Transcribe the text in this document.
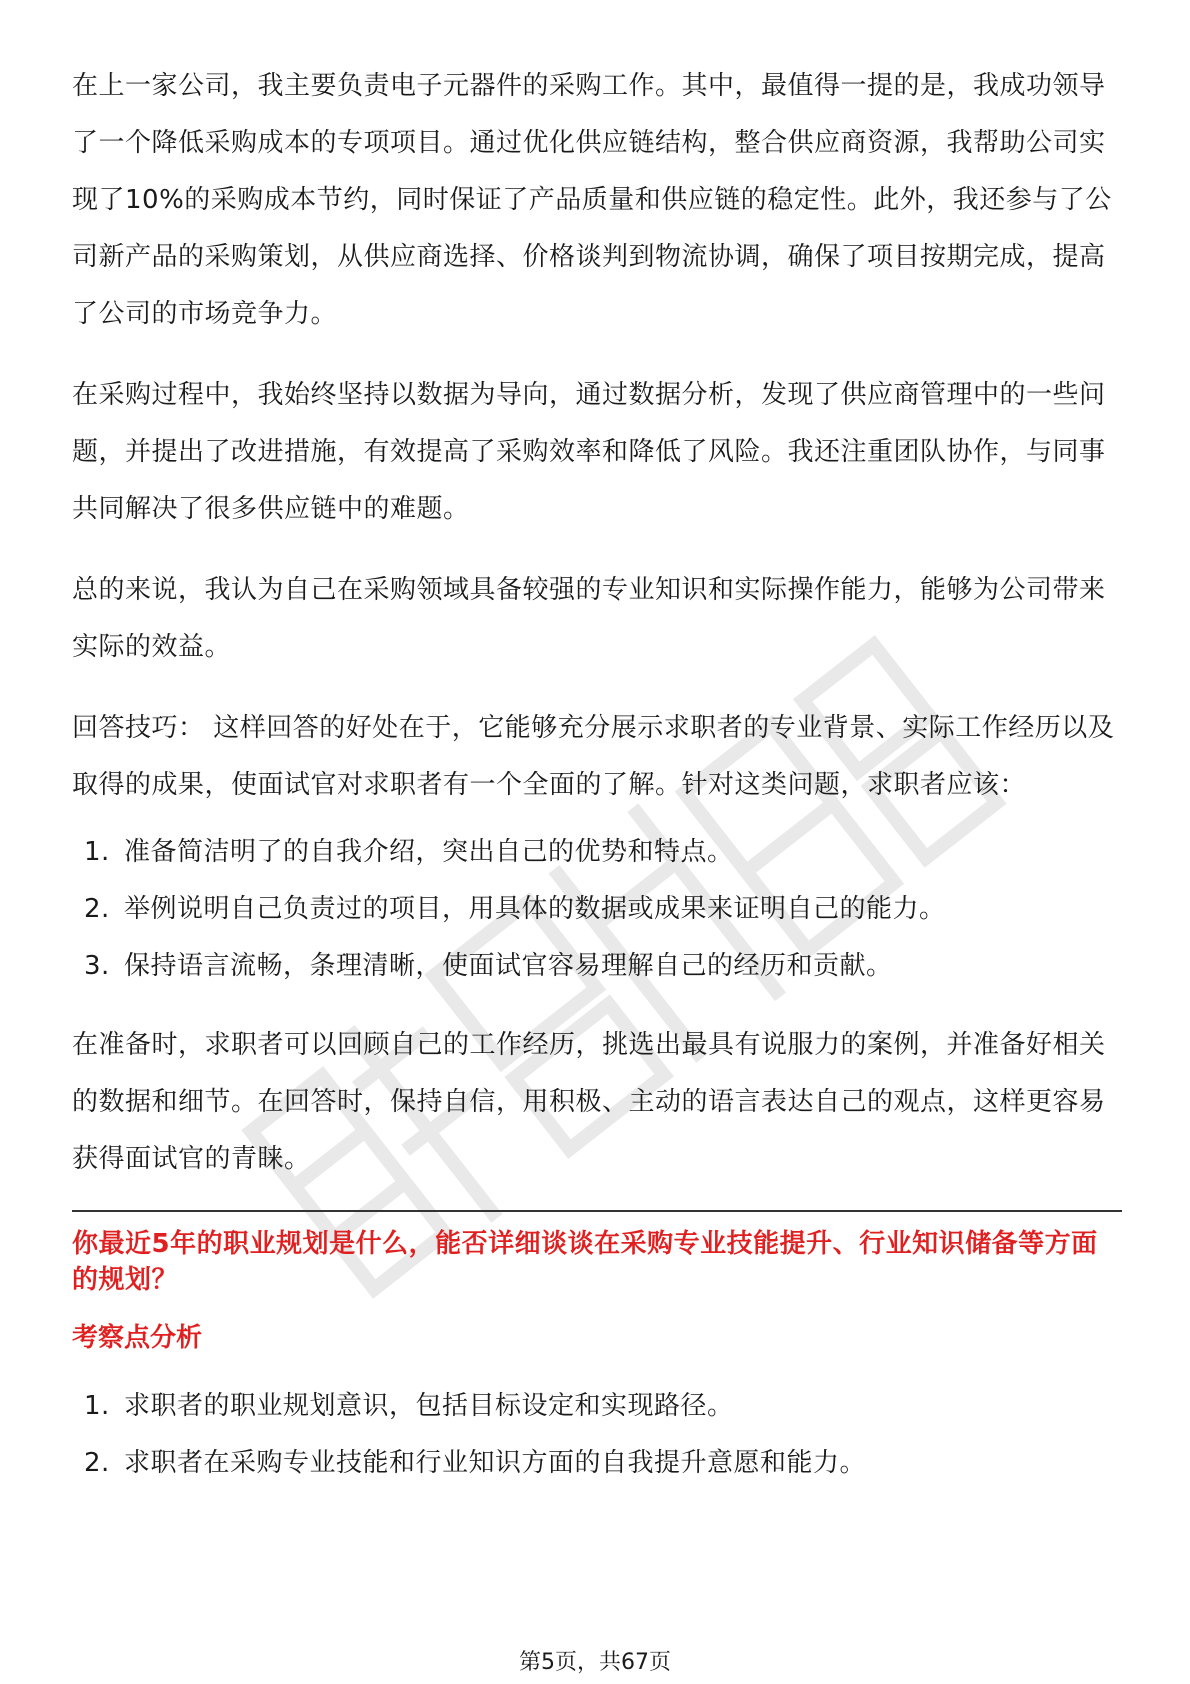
在上一家公司，我主要负责电子元器件的采购工作。其中，最值得一提的是，我成功领导了一个降低采购成本的专项项目。通过优化供应链结构，整合供应商资源，我帮助公司实现了10%的采购成本节约，同时保证了产品质量和供应链的稳定性。此外，我还参与了公司新产品的采购策划，从供应商选择、价格谈判到物流协调，确保了项目按期完成，提高了公司的市场竞争力。

在采购过程中，我始终坚持以数据为导向，通过数据分析，发现了供应商管理中的一些问题，并提出了改进措施，有效提高了采购效率和降低了风险。我还注重团队协作，与同事共同解决了很多供应链中的难题。

总的来说，我认为自己在采购领域具备较强的专业知识和实际操作能力，能够为公司带来实际的效益。

回答技巧： 这样回答的好处在于，它能够充分展示求职者的专业背景、实际工作经历以及取得的成果，使面试官对求职者有一个全面的了解。针对这类问题，求职者应该：

1. 准备简洁明了的自我介绍，突出自己的优势和特点。
2. 举例说明自己负责过的项目，用具体的数据或成果来证明自己的能力。
3. 保持语言流畅，条理清晰，使面试官容易理解自己的经历和贡献。

在准备时，求职者可以回顾自己的工作经历，挑选出最具有说服力的案例，并准备好相关的数据和细节。在回答时，保持自信，用积极、主动的语言表达自己的观点，这样更容易获得面试官的青睐。

你最近5年的职业规划是什么，能否详细谈谈在采购专业技能提升、行业知识储备等方面的规划？

考察点分析
1. 求职者的职业规划意识，包括目标设定和实现路径。
2. 求职者在采购专业技能和行业知识方面的自我提升意愿和能力。
第5页，共67页
